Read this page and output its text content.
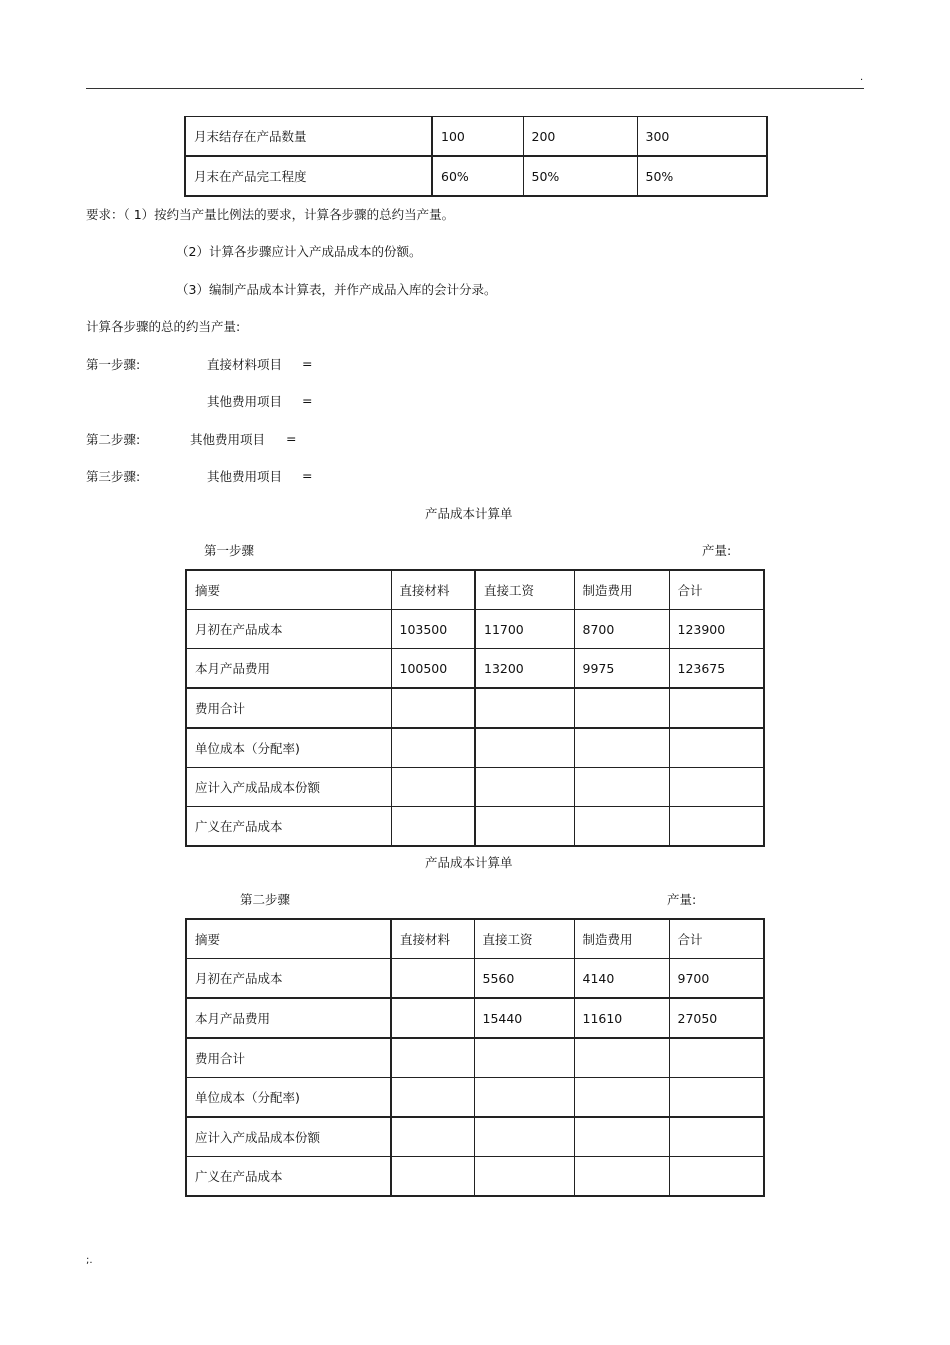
.
月末结存在产品数量	100	200	300
月末在产品完工程度	60%	50%	50%
要求：（ 1）按约当产量比例法的要求，计算各步骤的总约当产量。
（2）计算各步骤应计入产成品成本的份额。
（3）编制产品成本计算表，并作产成品入库的会计分录。
计算各步骤的总的约当产量:
第一步骤:	直接材料项目 =
其他费用项目 =
第二步骤:	其他费用项目 =
第三步骤:	其他费用项目 =
产品成本计算单
第一步骤	产量:
摘要	直接材料	直接工资	制造费用	合计
月初在产品成本	103500	11700	8700	123900
本月产品费用	100500	13200	9975	123675
费用合计				
单位成本（分配率)				
应计入产成品成本份额				
广义在产品成本				
产品成本计算单
第二步骤	产量:
摘要	直接材料	直接工资	制造费用	合计
月初在产品成本		5560	4140	9700
本月产品费用		15440	11610	27050
费用合计				
单位成本（分配率)				
应计入产成品成本份额				
广义在产品成本				
;.
